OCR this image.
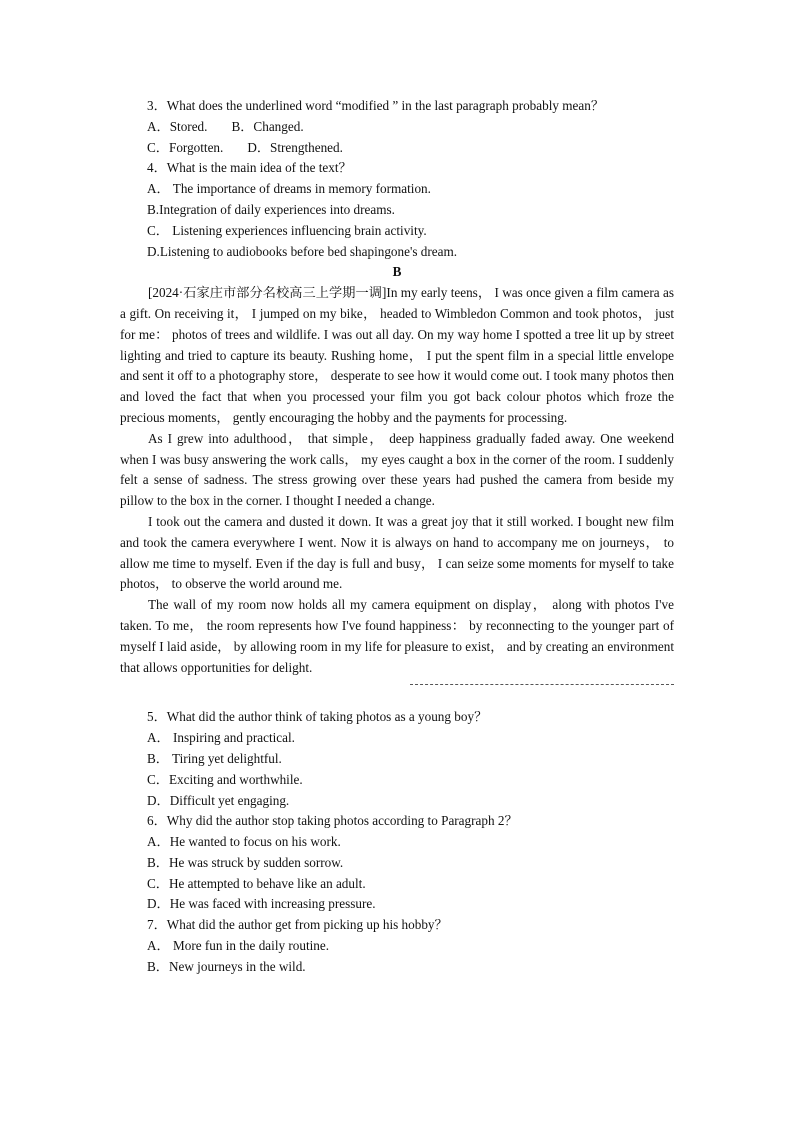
3．What does the underlined word “modified ” in the last paragraph probably mean？
A．Stored. B．Changed.
C．Forgotten. D．Strengthened.
4．What is the main idea of the text？
A． The importance of dreams in memory formation.
B.Integration of daily experiences into dreams.
C． Listening experiences influencing brain activity.
D.Listening to audiobooks before bed shapingone's dream.
B
[2024·石家庄市部分名校高三上学期一调]In my early teens， I was once given a film camera as a gift. On receiving it， I jumped on my bike， headed to Wimbledon Common and took photos， just for me： photos of trees and wildlife. I was out all day. On my way home I spotted a tree lit up by street lighting and tried to capture its beauty. Rushing home， I put the spent film in a special little envelope and sent it off to a photography store， desperate to see how it would come out. I took many photos then and loved the fact that when you processed your film you got back colour photos which froze the precious moments， gently encouraging the hobby and the payments for processing.
As I grew into adulthood， that simple， deep happiness gradually faded away. One weekend when I was busy answering the work calls， my eyes caught a box in the corner of the room. I suddenly felt a sense of sadness. The stress growing over these years had pushed the camera from beside my pillow to the box in the corner. I thought I needed a change.
I took out the camera and dusted it down. It was a great joy that it still worked. I bought new film and took the camera everywhere I went. Now it is always on hand to accompany me on journeys， to allow me time to myself. Even if the day is full and busy， I can seize some moments for myself to take photos， to observe the world around me.
The wall of my room now holds all my camera equipment on display， along with photos I've taken. To me， the room represents how I've found happiness： by reconnecting to the younger part of myself I laid aside， by allowing room in my life for pleasure to exist， and by creating an environment that allows opportunities for delight.
5．What did the author think of taking photos as a young boy？
A． Inspiring and practical.
B． Tiring yet delightful.
C．Exciting and worthwhile.
D．Difficult yet engaging.
6．Why did the author stop taking photos according to Paragraph 2？
A．He wanted to focus on his work.
B．He was struck by sudden sorrow.
C．He attempted to behave like an adult.
D．He was faced with increasing pressure.
7．What did the author get from picking up his hobby？
A． More fun in the daily routine.
B．New journeys in the wild.
